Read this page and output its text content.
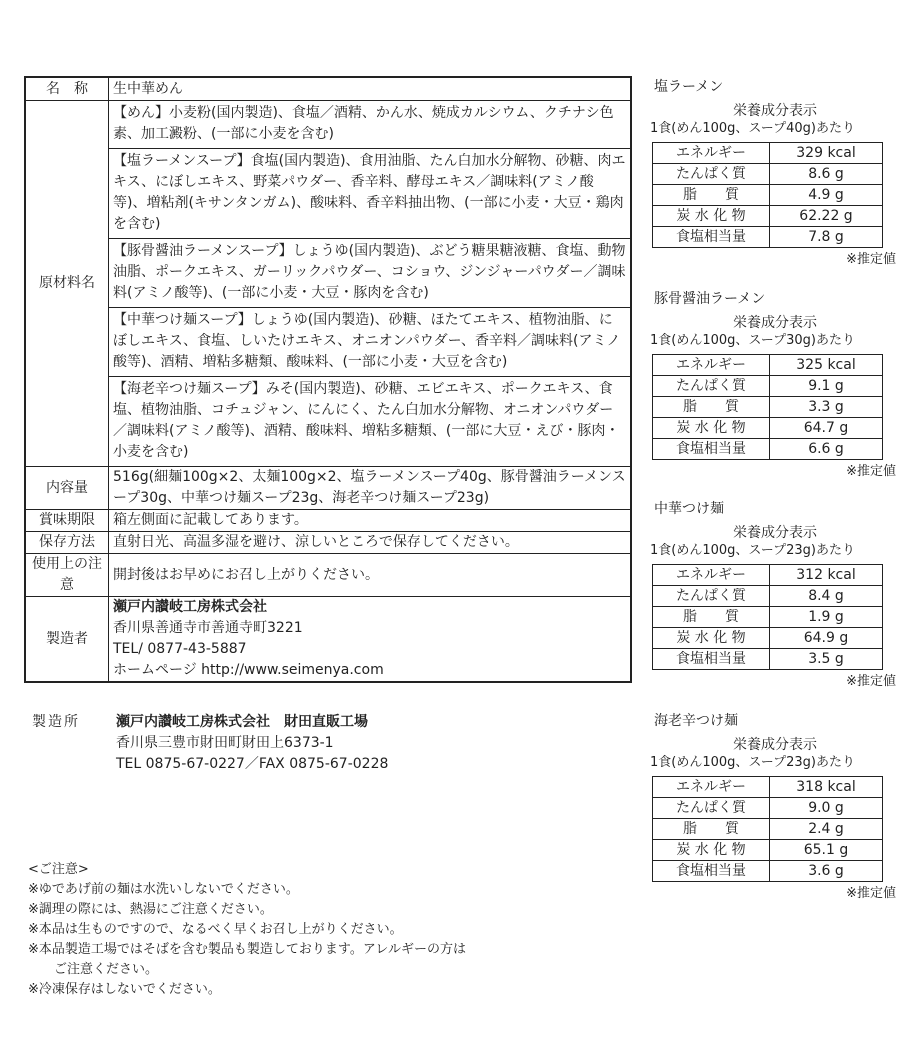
名　称	生中華めん
原材料名	【めん】小麦粉(国内製造)、食塩／酒精、かん水、焼成カルシウム、クチナシ色素、加工澱粉、(一部に小麦を含む)
【塩ラーメンスープ】食塩(国内製造)、食用油脂、たん白加水分解物、砂糖、肉エキス、にぼしエキス、野菜パウダー、香辛料、酵母エキス／調味料(アミノ酸等)、増粘剤(キサンタンガム)、酸味料、香辛料抽出物、(一部に小麦・大豆・鶏肉を含む)
【豚骨醤油ラーメンスープ】しょうゆ(国内製造)、ぶどう糖果糖液糖、食塩、動物油脂、ポークエキス、ガーリックパウダー、コショウ、ジンジャーパウダー／調味料(アミノ酸等)、(一部に小麦・大豆・豚肉を含む)
【中華つけ麺スープ】しょうゆ(国内製造)、砂糖、ほたてエキス、植物油脂、にぼしエキス、食塩、しいたけエキス、オニオンパウダー、香辛料／調味料(アミノ酸等)、酒精、増粘多糖類、酸味料、(一部に小麦・大豆を含む)
【海老辛つけ麺スープ】みそ(国内製造)、砂糖、エビエキス、ポークエキス、食塩、植物油脂、コチュジャン、にんにく、たん白加水分解物、オニオンパウダー／調味料(アミノ酸等)、酒精、酸味料、増粘多糖類、(一部に大豆・えび・豚肉・小麦を含む)

内容量	516g(細麺100g×2、太麺100g×2、塩ラーメンスープ40g、豚骨醤油ラーメンスープ30g、中華つけ麺スープ23g、海老辛つけ麺スープ23g)
賞味期限	箱左側面に記載してあります。
保存方法	直射日光、高温多湿を避け、涼しいところで保存してください。
使用上の注意	開封後はお早めにお召し上がりください。
製造者	瀬戸内讃岐工房株式会社
香川県善通寺市善通寺町3221
TEL/ 0877-43-5887
ホームページ http://www.seimenya.com
製造所	瀬戸内讃岐工房株式会社　財田直販工場
香川県三豊市財田町財田上6373-1
TEL 0875-67-0227／FAX 0875-67-0228
<ご注意>
※ゆであげ前の麺は水洗いしないでください。
※調理の際には、熱湯にご注意ください。
※本品は生ものですので、なるべく早くお召し上がりください。
※本品製造工場ではそばを含む製品も製造しております。アレルギーの方は
ご注意ください。
※冷凍保存はしないでください。
塩ラーメン
栄養成分表示
1食(めん100g、スープ40g)あたり
エネルギー	329 kcal
たんぱく質	8.6 g
脂　　質	4.9 g
炭 水 化 物	62.22 g
食塩相当量	7.8 g
※推定値
豚骨醤油ラーメン
栄養成分表示
1食(めん100g、スープ30g)あたり
エネルギー	325 kcal
たんぱく質	9.1 g
脂　　質	3.3 g
炭 水 化 物	64.7 g
食塩相当量	6.6 g
※推定値
中華つけ麺
栄養成分表示
1食(めん100g、スープ23g)あたり
エネルギー	312 kcal
たんぱく質	8.4 g
脂　　質	1.9 g
炭 水 化 物	64.9 g
食塩相当量	3.5 g
※推定値
海老辛つけ麺
栄養成分表示
1食(めん100g、スープ23g)あたり
エネルギー	318 kcal
たんぱく質	9.0 g
脂　　質	2.4 g
炭 水 化 物	65.1 g
食塩相当量	3.6 g
※推定値
